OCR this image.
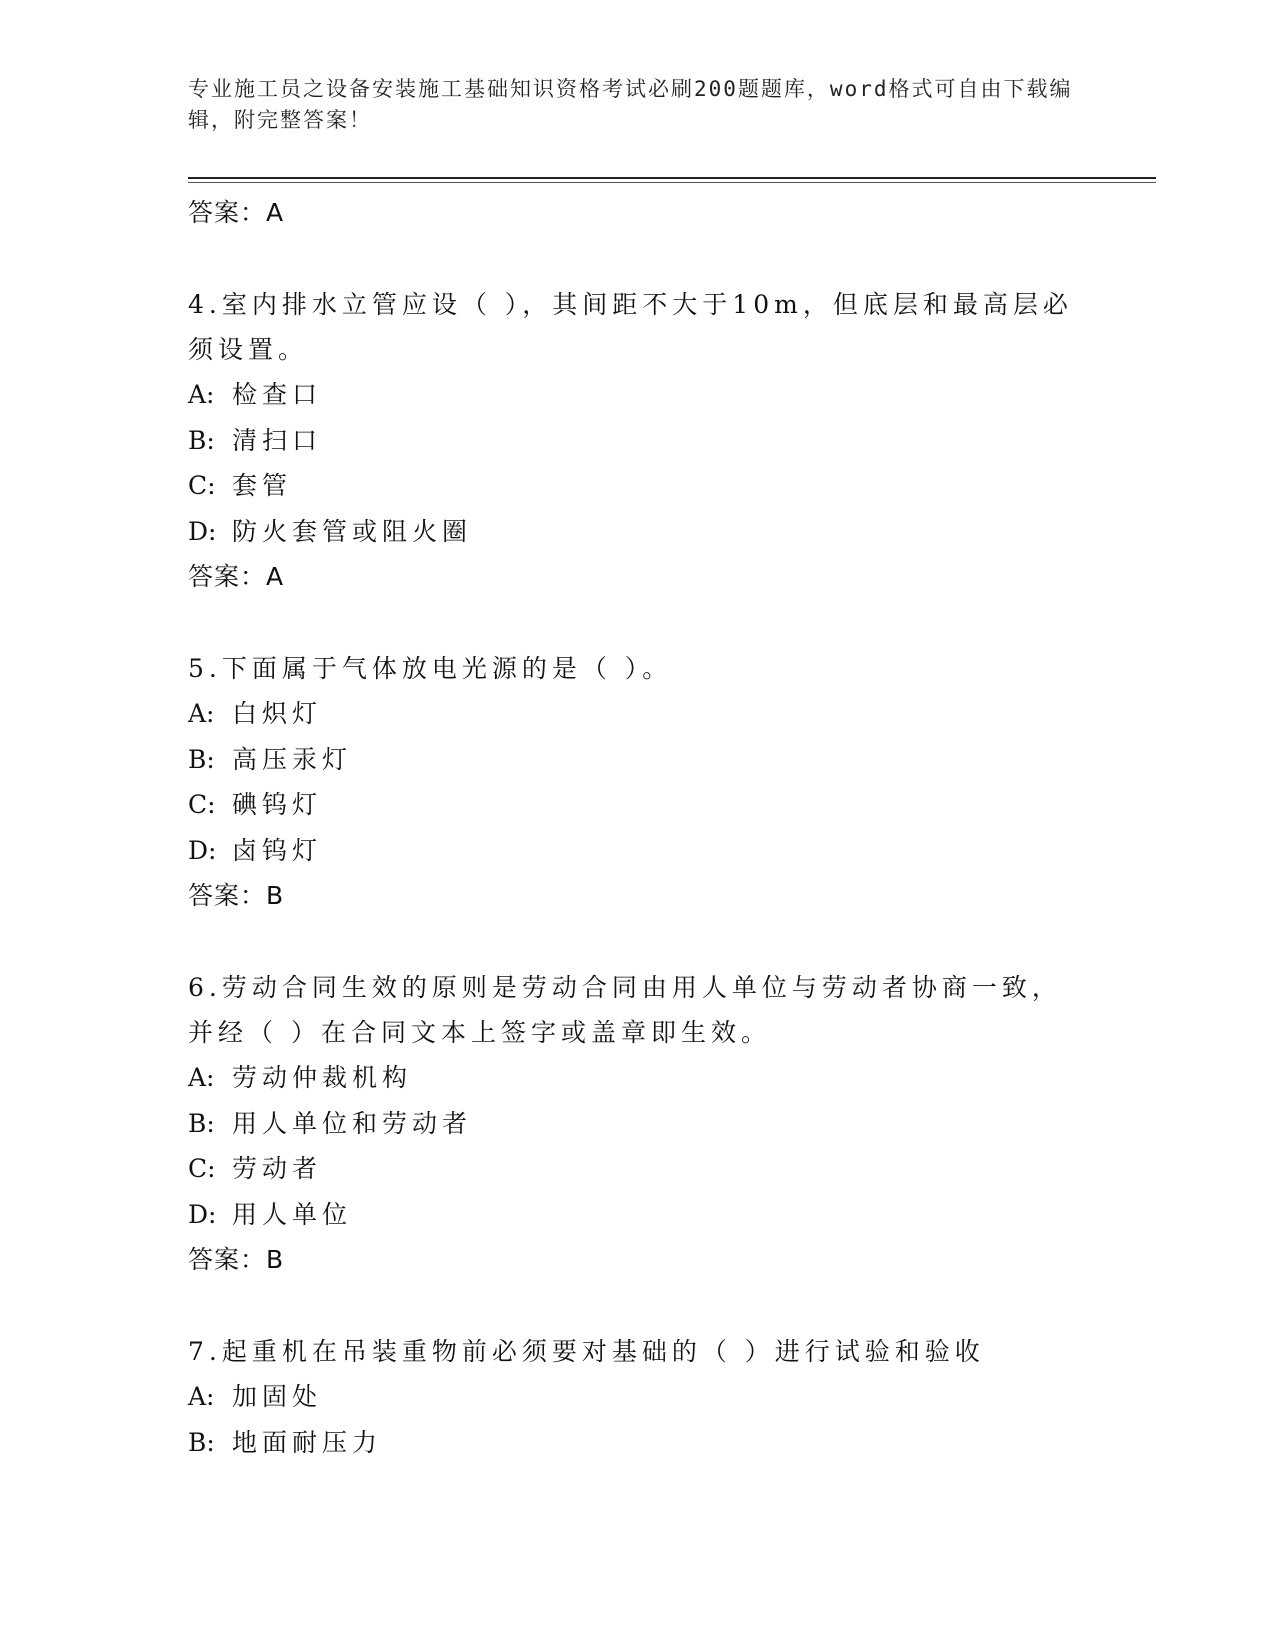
专业施工员之设备安装施工基础知识资格考试必刷200题题库，word格式可自由下载编辑，附完整答案！
答案：A

4.室内排水立管应设（ ），其间距不大于10m，但底层和最高层必须设置。

A: 检查口
B: 清扫口
C: 套管
D: 防火套管或阻火圈
答案：A

5.下面属于气体放电光源的是（ ）。

A: 白炽灯
B: 高压汞灯
C: 碘钨灯
D: 卤钨灯
答案：B

6.劳动合同生效的原则是劳动合同由用人单位与劳动者协商一致，并经（ ）在合同文本上签字或盖章即生效。

A: 劳动仲裁机构
B: 用人单位和劳动者
C: 劳动者
D: 用人单位
答案：B

7.起重机在吊装重物前必须要对基础的（ ）进行试验和验收

A: 加固处
B: 地面耐压力
